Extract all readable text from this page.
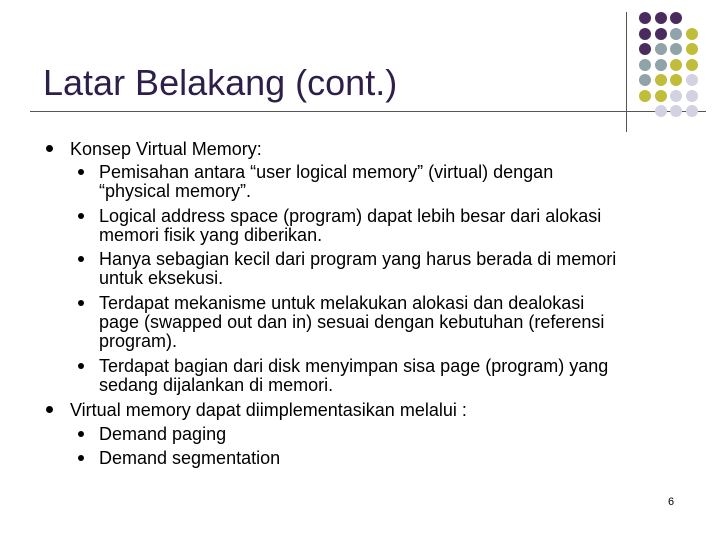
Latar Belakang (cont.)
Konsep Virtual Memory:
Pemisahan antara “user logical memory” (virtual) dengan
“physical memory”.
Logical address space (program) dapat lebih besar dari alokasi
memori fisik yang diberikan.
Hanya sebagian kecil dari program yang harus berada di memori
untuk eksekusi.
Terdapat mekanisme untuk melakukan alokasi dan dealokasi
page (swapped out dan in) sesuai dengan kebutuhan (referensi
program).
Terdapat bagian dari disk menyimpan sisa page (program) yang
sedang dijalankan di memori.
Virtual memory dapat diimplementasikan melalui :
Demand paging
Demand segmentation
6
